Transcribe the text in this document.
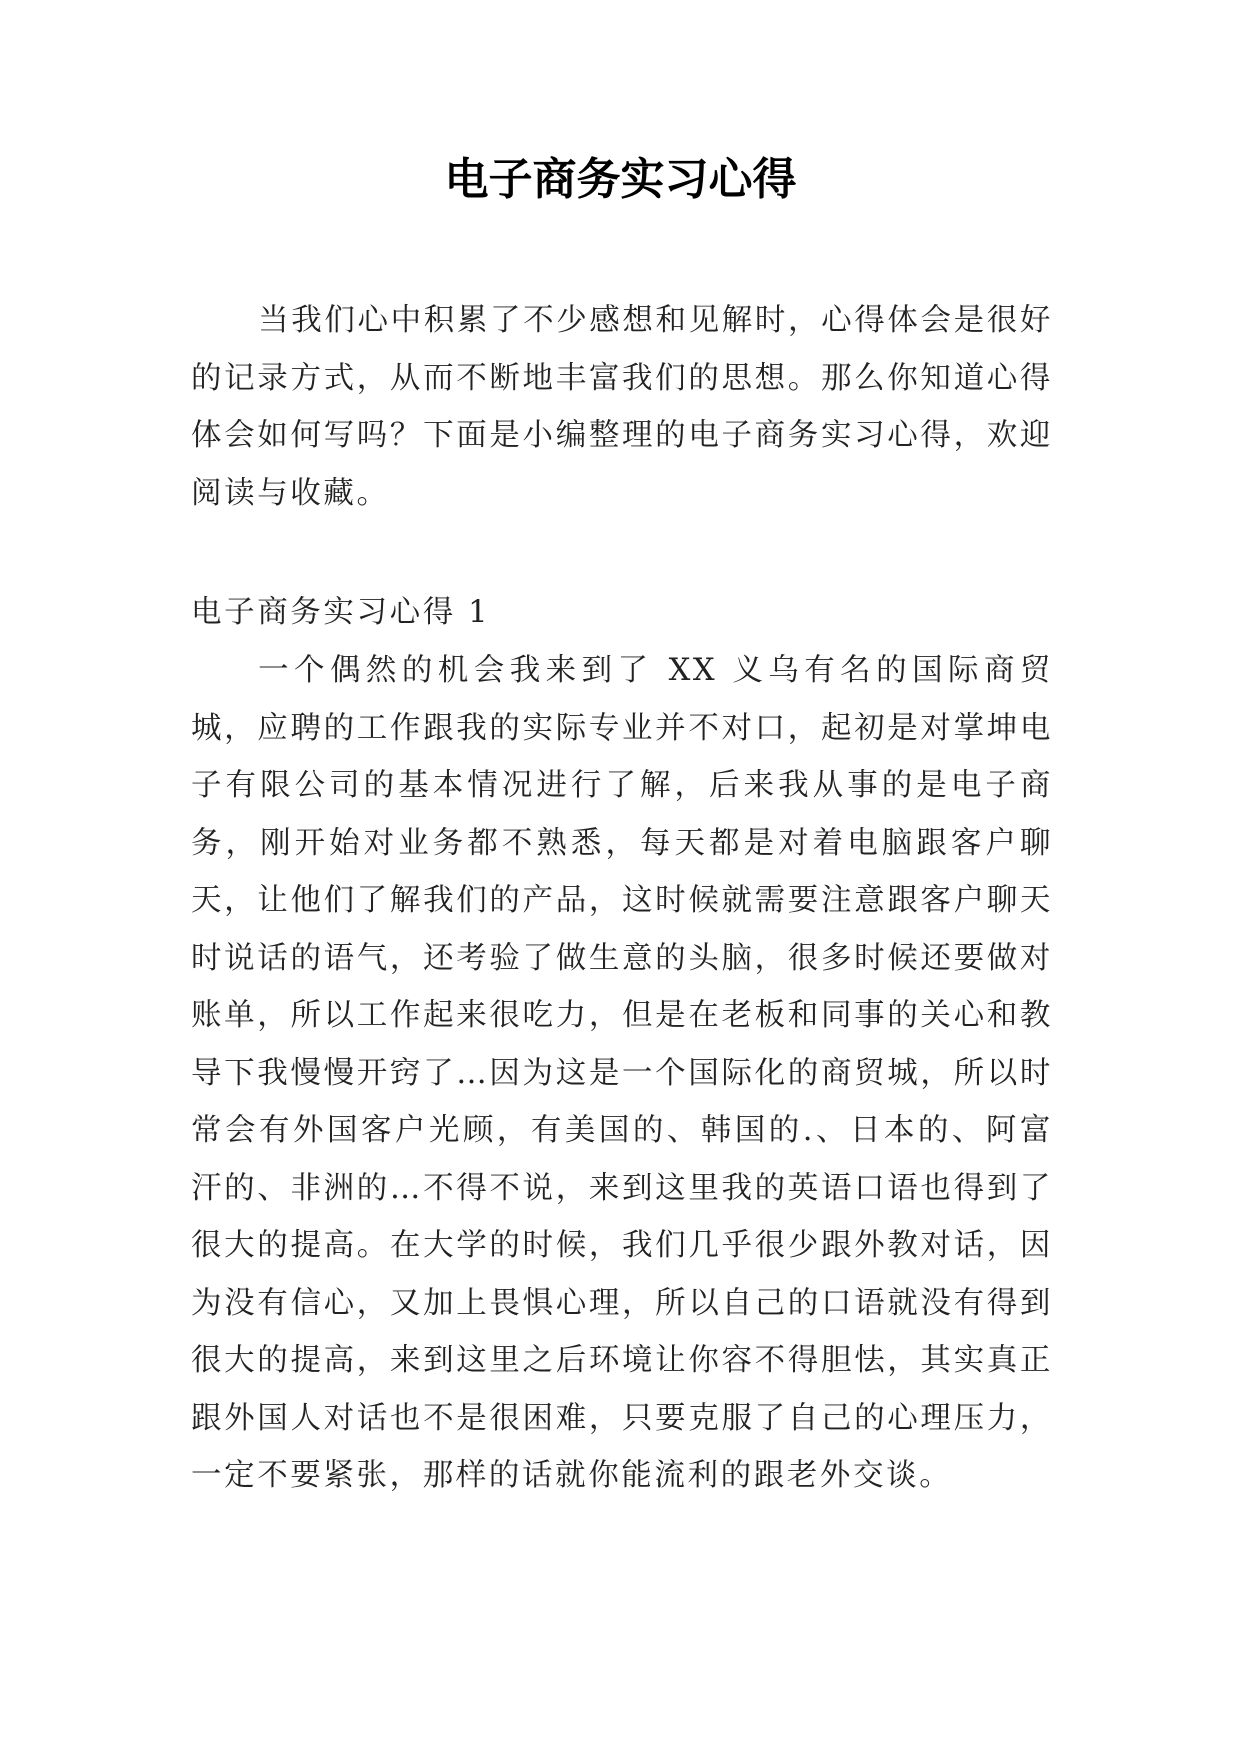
电子商务实习心得

当我们心中积累了不少感想和见解时，心得体会是很好的记录方式，从而不断地丰富我们的思想。那么你知道心得体会如何写吗？下面是小编整理的电子商务实习心得，欢迎阅读与收藏。

电子商务实习心得 1

一个偶然的机会我来到了 XX 义乌有名的国际商贸城，应聘的工作跟我的实际专业并不对口，起初是对掌坤电子有限公司的基本情况进行了解，后来我从事的是电子商务，刚开始对业务都不熟悉，每天都是对着电脑跟客户聊天，让他们了解我们的产品，这时候就需要注意跟客户聊天时说话的语气，还考验了做生意的头脑，很多时候还要做对账单，所以工作起来很吃力，但是在老板和同事的关心和教导下我慢慢开窍了…因为这是一个国际化的商贸城，所以时常会有外国客户光顾，有美国的、韩国的.、日本的、阿富汗的、非洲的…不得不说，来到这里我的英语口语也得到了很大的提高。在大学的时候，我们几乎很少跟外教对话，因为没有信心，又加上畏惧心理，所以自己的口语就没有得到很大的提高，来到这里之后环境让你容不得胆怯，其实真正跟外国人对话也不是很困难，只要克服了自己的心理压力，一定不要紧张，那样的话就你能流利的跟老外交谈。
